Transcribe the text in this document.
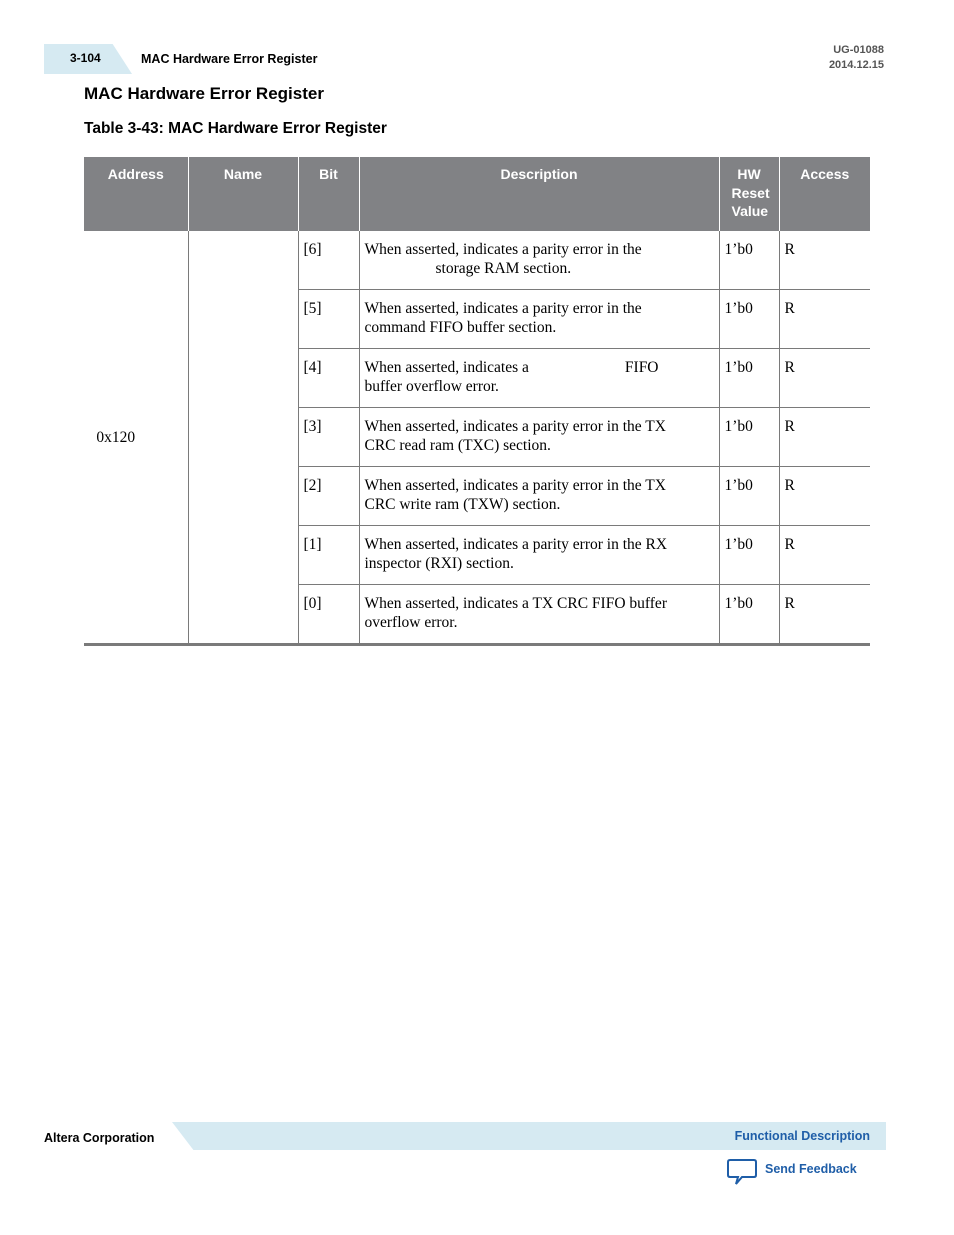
3-104	MAC Hardware Error Register
UG-01088
2014.12.15
MAC Hardware Error Register
Table 3-43: MAC Hardware Error Register
Address	Name	Bit	Description	HW Reset Value	Access
0x120		[6]	When asserted, indicates a parity error in the
storage RAM section.	1’b0	R
		[5]	When asserted, indicates a parity error in the
command FIFO buffer section.	1’b0	R
		[4]	When asserted, indicates a FIFO
buffer overflow error.	1’b0	R
		[3]	When asserted, indicates a parity error in the TX
CRC read ram (TXC) section.	1’b0	R
		[2]	When asserted, indicates a parity error in the TX
CRC write ram (TXW) section.	1’b0	R
		[1]	When asserted, indicates a parity error in the RX
inspector (RXI) section.	1’b0	R
		[0]	When asserted, indicates a TX CRC FIFO buffer
overflow error.	1’b0	R
Altera Corporation	Functional Description
Send Feedback
